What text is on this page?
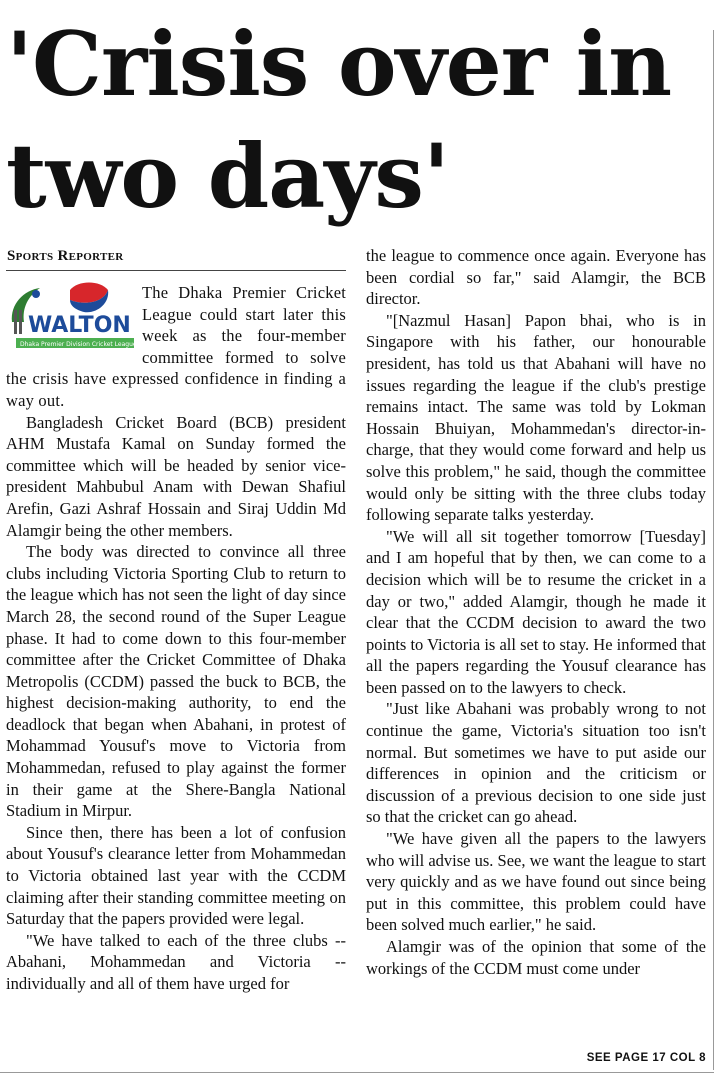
'Crisis over in
two days'
Sports Reporter
WALTON
Dhaka Premier Division Cricket League' 11-12

The Dhaka Premier Cricket League could start later this week as the four-member committee formed to solve the crisis have expressed confidence in finding a way out.

Bangladesh Cricket Board (BCB) president AHM Mustafa Kamal on Sunday formed the committee which will be headed by senior vice-president Mahbubul Anam with Dewan Shafiul Arefin, Gazi Ashraf Hossain and Siraj Uddin Md Alamgir being the other members.

The body was directed to convince all three clubs including Victoria Sporting Club to return to the league which has not seen the light of day since March 28, the second round of the Super League phase. It had to come down to this four-member committee after the Cricket Committee of Dhaka Metropolis (CCDM) passed the buck to BCB, the highest decision-making authority, to end the deadlock that began when Abahani, in protest of Mohammad Yousuf's move to Victoria from Mohammedan, refused to play against the former in their game at the Shere-Bangla National Stadium in Mirpur.

Since then, there has been a lot of confusion about Yousuf's clearance letter from Mohammedan to Victoria obtained last year with the CCDM claiming after their standing committee meeting on Saturday that the papers provided were legal.

"We have talked to each of the three clubs -- Abahani, Mohammedan and Victoria -- individually and all of them have urged for

the league to commence once again. Everyone has been cordial so far," said Alamgir, the BCB director.

"[Nazmul Hasan] Papon bhai, who is in Singapore with his father, our honourable president, has told us that Abahani will have no issues regarding the league if the club's prestige remains intact. The same was told by Lokman Hossain Bhuiyan, Mohammedan's director-in-charge, that they would come forward and help us solve this problem," he said, though the committee would only be sitting with the three clubs today following separate talks yesterday.

"We will all sit together tomorrow [Tuesday] and I am hopeful that by then, we can come to a decision which will be to resume the cricket in a day or two," added Alamgir, though he made it clear that the CCDM decision to award the two points to Victoria is all set to stay. He informed that all the papers regarding the Yousuf clearance has been passed on to the lawyers to check.

"Just like Abahani was probably wrong to not continue the game, Victoria's situation too isn't normal. But sometimes we have to put aside our differences in opinion and the criticism or discussion of a previous decision to one side just so that the cricket can go ahead.

"We have given all the papers to the lawyers who will advise us. See, we want the league to start very quickly and as we have found out since being put in this committee, this problem could have been solved much earlier," he said.

Alamgir was of the opinion that some of the workings of the CCDM must come under

SEE PAGE 17 COL 8
